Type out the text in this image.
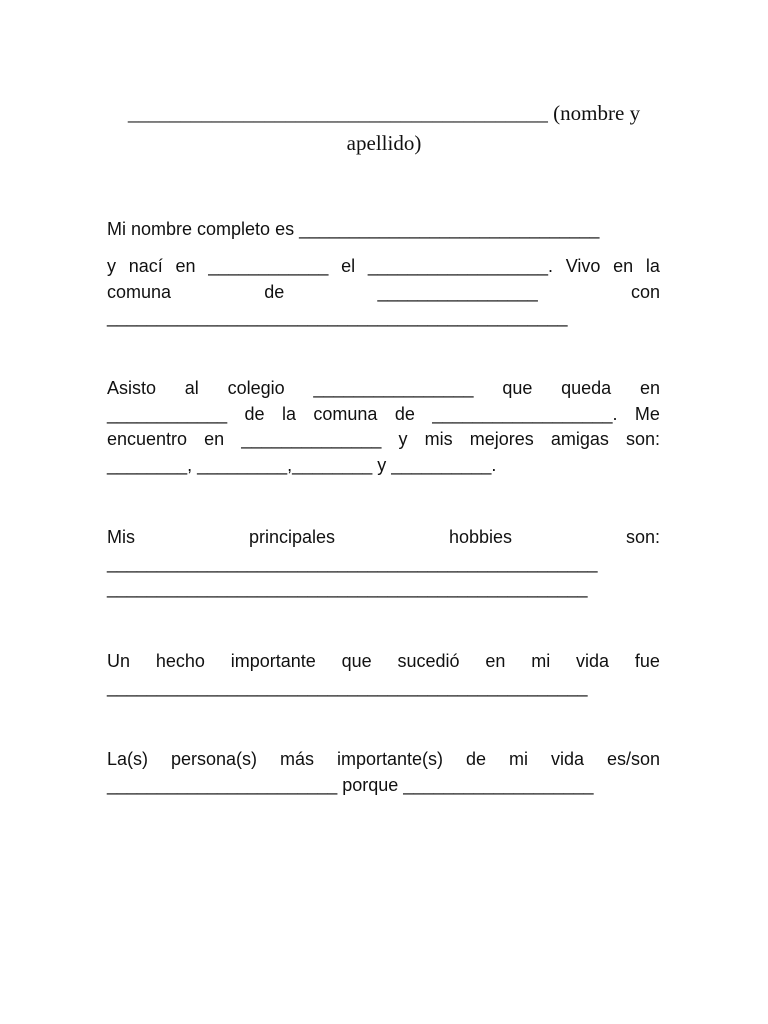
________________________________________ (nombre y
apellido)
Mi nombre completo es ______________________________
y nací en ____________ el __________________. Vivo en la
comuna	de	________________	con
______________________________________________
Asisto al colegio ________________ que queda en
____________ de la comuna de __________________. Me
encuentro en ______________ y mis mejores amigas son:
________, _________,________ y __________.
Mis	principales	hobbies	son:
_________________________________________________
________________________________________________
Un hecho importante que sucedió en mi vida fue
________________________________________________
La(s) persona(s) más importante(s) de mi vida es/son
_______________________ porque ___________________
